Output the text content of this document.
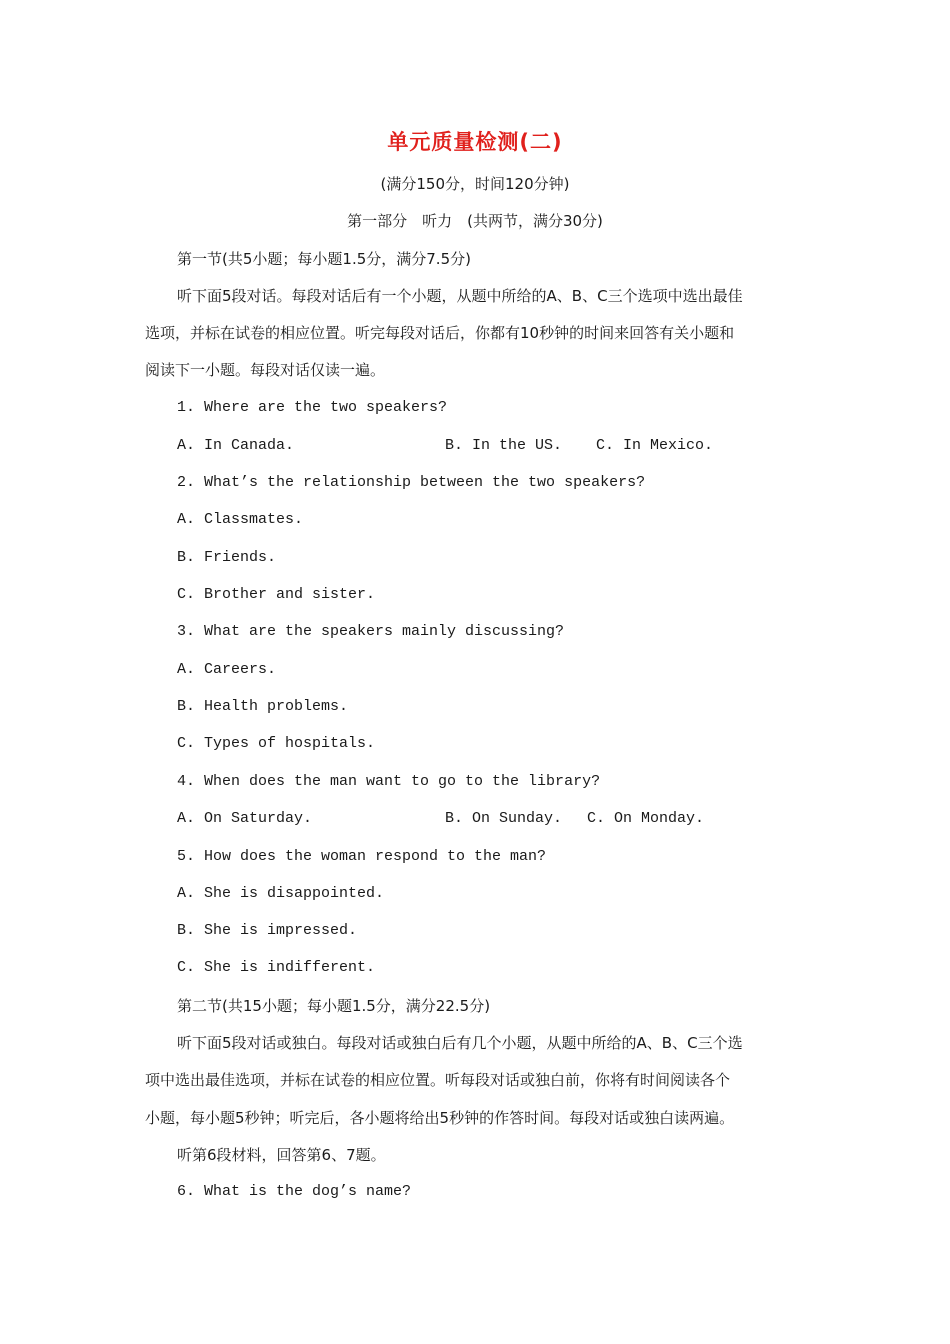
单元质量检测(二)
(满分150分，时间120分钟)
第一部分　听力　(共两节，满分30分)
第一节(共5小题；每小题1.5分，满分7.5分)
听下面5段对话。每段对话后有一个小题，从题中所给的A、B、C三个选项中选出最佳
选项，并标在试卷的相应位置。听完每段对话后，你都有10秒钟的时间来回答有关小题和
阅读下一小题。每段对话仅读一遍。
1. Where are the two speakers?

A. In Canada.

	B. In the US.

C. In Mexico.

2. What’s the relationship between the two speakers?
A. Classmates.
B. Friends.
C. Brother and sister.
3. What are the speakers mainly discussing?
A. Careers.
B. Health problems.
C. Types of hospitals.
4. When does the man want to go to the library?

A. On Saturday.

	B. On Sunday.

C. On Monday.

5. How does the woman respond to the man?
A. She is disappointed.
B. She is impressed.
C. She is indifferent.
第二节(共15小题；每小题1.5分，满分22.5分)
听下面5段对话或独白。每段对话或独白后有几个小题，从题中所给的A、B、C三个选
项中选出最佳选项，并标在试卷的相应位置。听每段对话或独白前，你将有时间阅读各个
小题，每小题5秒钟；听完后，各小题将给出5秒钟的作答时间。每段对话或独白读两遍。
听第6段材料，回答第6、7题。
6. What is the dog’s name?
